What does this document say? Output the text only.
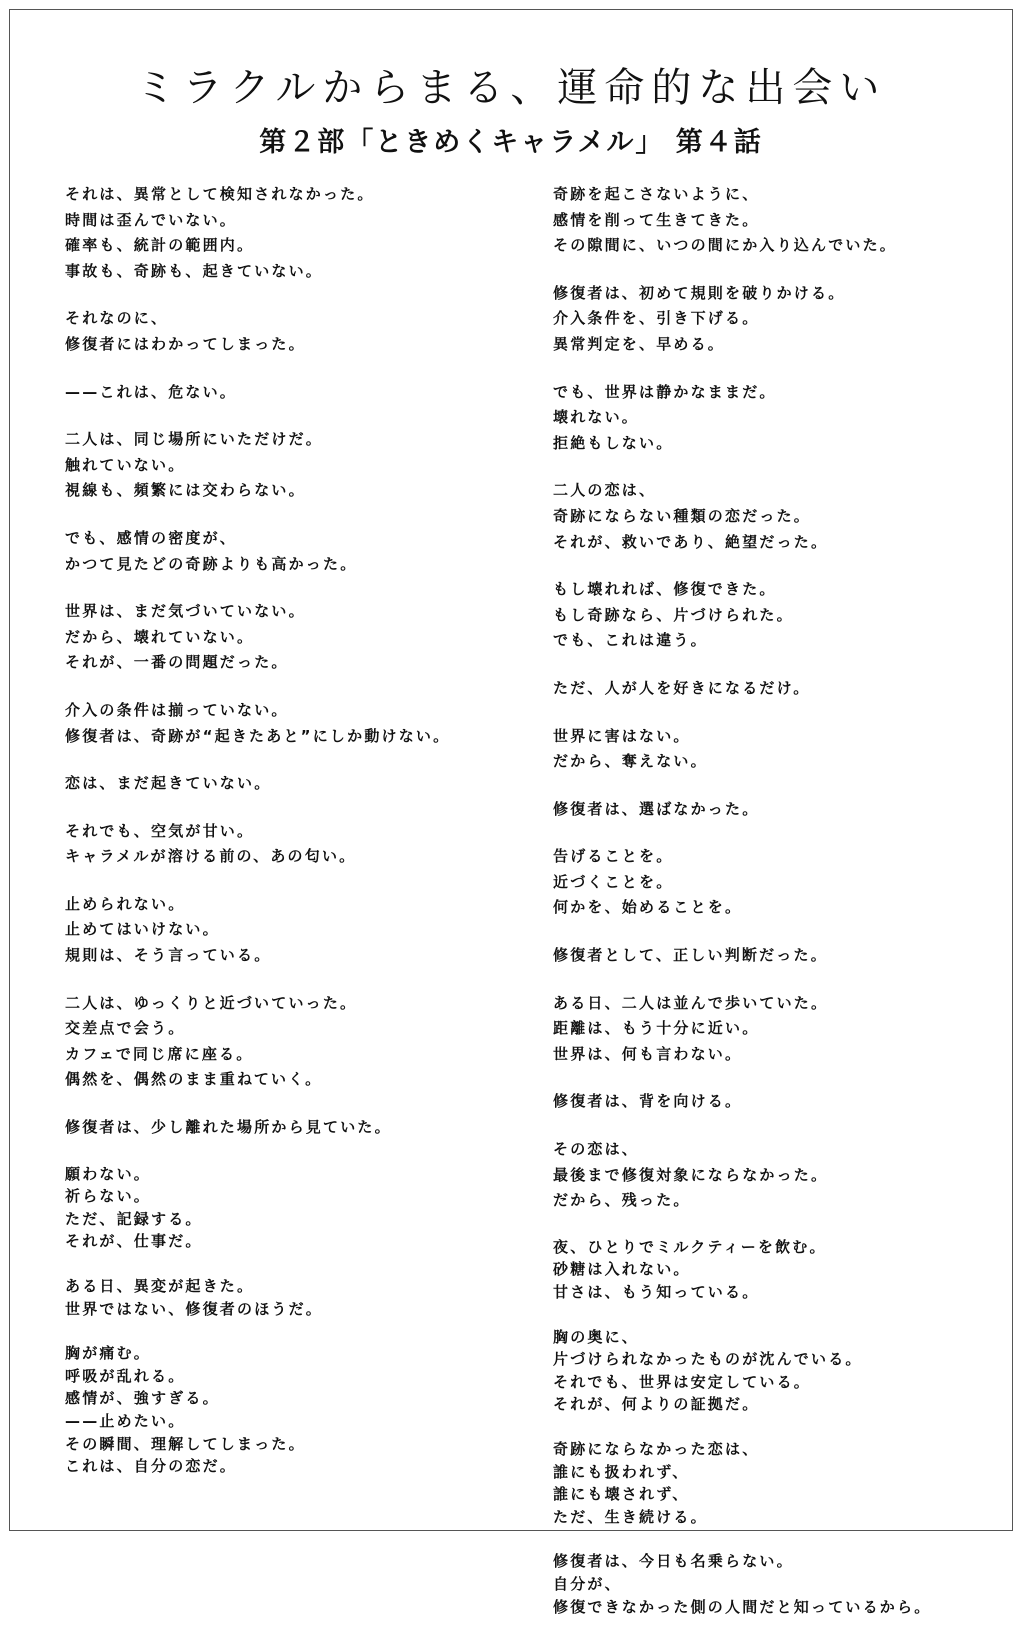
ミラクルからまる、運命的な出会い
第２部「ときめくキャラメル」 第４話

それは、異常として検知されなかった。
時間は歪んでいない。
確率も、統計の範囲内。
事故も、奇跡も、起きていない。

それなのに、
修復者にはわかってしまった。

——これは、危ない。

二人は、同じ場所にいただけだ。
触れていない。
視線も、頻繁には交わらない。

でも、感情の密度が、
かつて見たどの奇跡よりも高かった。

世界は、まだ気づいていない。
だから、壊れていない。
それが、一番の問題だった。

介入の条件は揃っていない。
修復者は、奇跡が“起きたあと”にしか動けない。

恋は、まだ起きていない。

それでも、空気が甘い。
キャラメルが溶ける前の、あの匂い。

止められない。
止めてはいけない。
規則は、そう言っている。

二人は、ゆっくりと近づいていった。
交差点で会う。
カフェで同じ席に座る。
偶然を、偶然のまま重ねていく。

修復者は、少し離れた場所から見ていた。

願わない。
祈らない。
ただ、記録する。
それが、仕事だ。

ある日、異変が起きた。
世界ではない、修復者のほうだ。

胸が痛む。
呼吸が乱れる。
感情が、強すぎる。
——止めたい。
その瞬間、理解してしまった。
これは、自分の恋だ。

奇跡を起こさないように、
感情を削って生きてきた。
その隙間に、いつの間にか入り込んでいた。

修復者は、初めて規則を破りかける。
介入条件を、引き下げる。
異常判定を、早める。

でも、世界は静かなままだ。
壊れない。
拒絶もしない。

二人の恋は、
奇跡にならない種類の恋だった。
それが、救いであり、絶望だった。

もし壊れれば、修復できた。
もし奇跡なら、片づけられた。
でも、これは違う。

ただ、人が人を好きになるだけ。

世界に害はない。
だから、奪えない。

修復者は、選ばなかった。

告げることを。
近づくことを。
何かを、始めることを。

修復者として、正しい判断だった。

ある日、二人は並んで歩いていた。
距離は、もう十分に近い。
世界は、何も言わない。

修復者は、背を向ける。

その恋は、
最後まで修復対象にならなかった。
だから、残った。

夜、ひとりでミルクティーを飲む。
砂糖は入れない。
甘さは、もう知っている。

胸の奥に、
片づけられなかったものが沈んでいる。
それでも、世界は安定している。
それが、何よりの証拠だ。

奇跡にならなかった恋は、
誰にも扱われず、
誰にも壊されず、
ただ、生き続ける。

修復者は、今日も名乗らない。
自分が、
修復できなかった側の人間だと知っているから。
